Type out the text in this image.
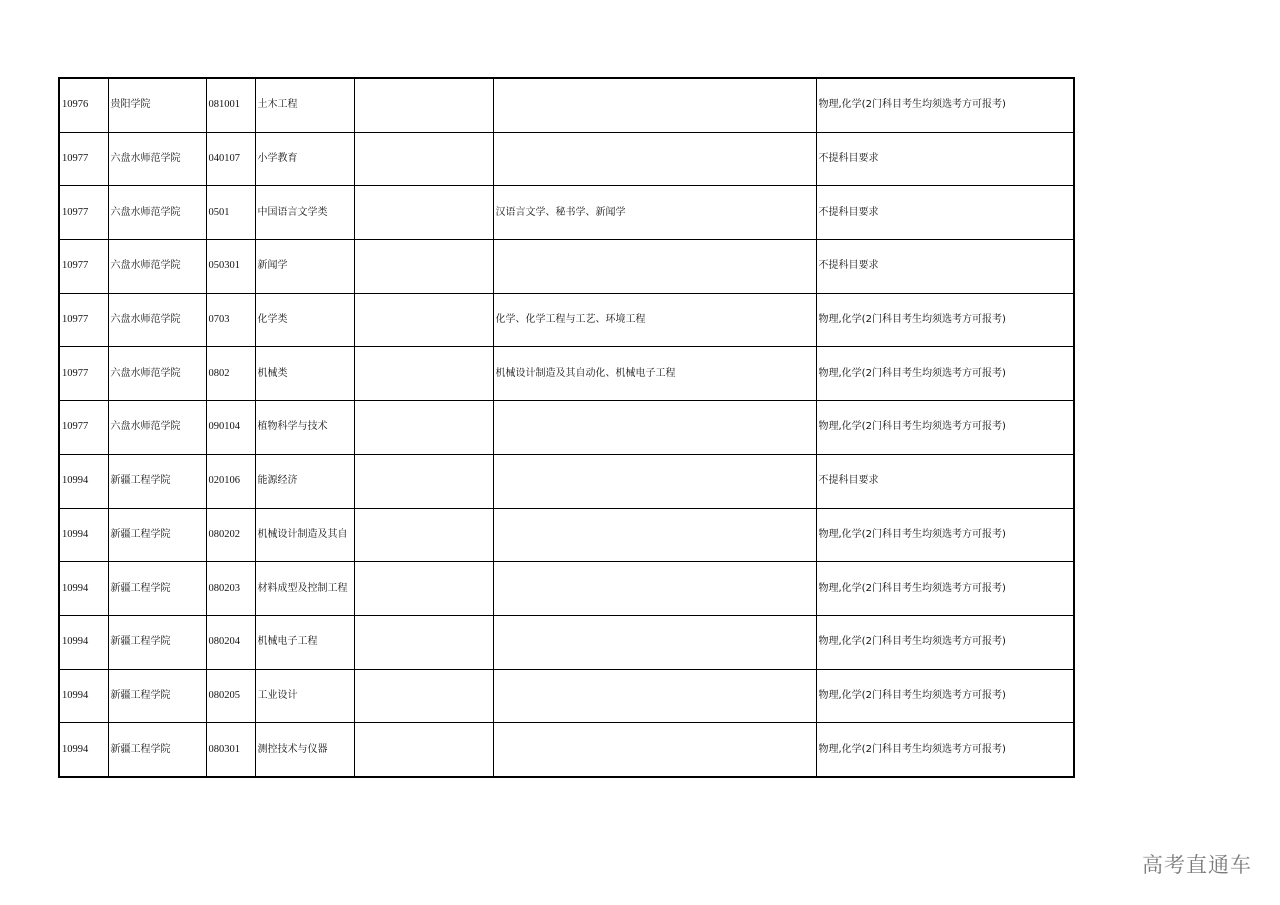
10976	贵阳学院	081001	土木工程			物理,化学(2门科目考生均须选考方可报考)
10977	六盘水师范学院	040107	小学教育			不提科目要求
10977	六盘水师范学院	0501	中国语言文学类		汉语言文学、秘书学、新闻学	不提科目要求
10977	六盘水师范学院	050301	新闻学			不提科目要求
10977	六盘水师范学院	0703	化学类		化学、化学工程与工艺、环境工程	物理,化学(2门科目考生均须选考方可报考)
10977	六盘水师范学院	0802	机械类		机械设计制造及其自动化、机械电子工程	物理,化学(2门科目考生均须选考方可报考)
10977	六盘水师范学院	090104	植物科学与技术			物理,化学(2门科目考生均须选考方可报考)
10994	新疆工程学院	020106	能源经济			不提科目要求
10994	新疆工程学院	080202	机械设计制造及其自			物理,化学(2门科目考生均须选考方可报考)
10994	新疆工程学院	080203	材料成型及控制工程			物理,化学(2门科目考生均须选考方可报考)
10994	新疆工程学院	080204	机械电子工程			物理,化学(2门科目考生均须选考方可报考)
10994	新疆工程学院	080205	工业设计			物理,化学(2门科目考生均须选考方可报考)
10994	新疆工程学院	080301	测控技术与仪器			物理,化学(2门科目考生均须选考方可报考)
高考直通车
